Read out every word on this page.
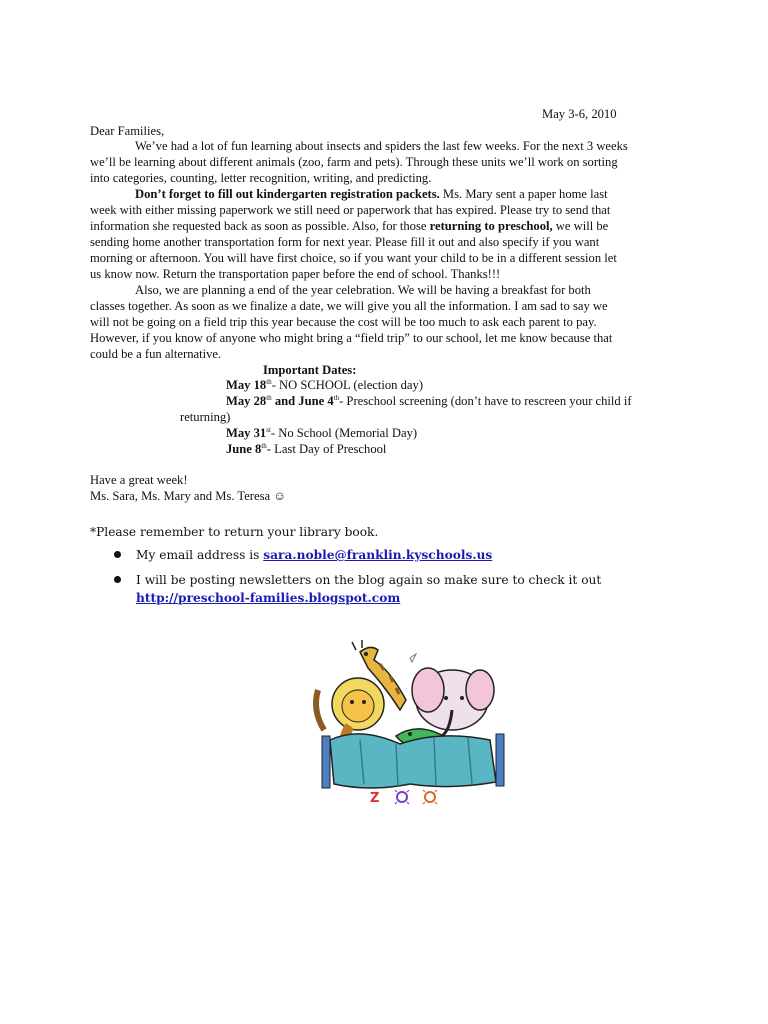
May 3-6, 2010
Dear Families,
We’ve had a lot of fun learning about insects and spiders the last few weeks. For the next 3 weeks
we’ll be learning about different animals (zoo, farm and pets). Through these units we’ll work on sorting
into categories, counting, letter recognition, writing, and predicting.
Don’t forget to fill out kindergarten registration packets. Ms. Mary sent a paper home last
week with either missing paperwork we still need or paperwork that has expired. Please try to send that
information she requested back as soon as possible. Also, for those returning to preschool, we will be
sending home another transportation form for next year. Please fill it out and also specify if you want
morning or afternoon. You will have first choice, so if you want your child to be in a different session let
us know now. Return the transportation paper before the end of school. Thanks!!!
Also, we are planning a end of the year celebration. We will be having a breakfast for both
classes together. As soon as we finalize a date, we will give you all the information. I am sad to say we
will not be going on a field trip this year because the cost will be too much to ask each parent to pay.
However, if you know of anyone who might bring a “field trip” to our school, let me know because that
could be a fun alternative.
Important Dates:
May 18th- NO SCHOOL (election day)
May 28th and June 4th- Preschool screening (don’t have to rescreen your child if
returning)
May 31st- No School (Memorial Day)
June 8th- Last Day of Preschool
Have a great week!
Ms. Sara, Ms. Mary and Ms. Teresa ☺
*Please remember to return your library book.
My email address is sara.noble@franklin.kyschools.us
I will be posting newsletters on the blog again so make sure to check it out
http://preschool-families.blogspot.com
Z
